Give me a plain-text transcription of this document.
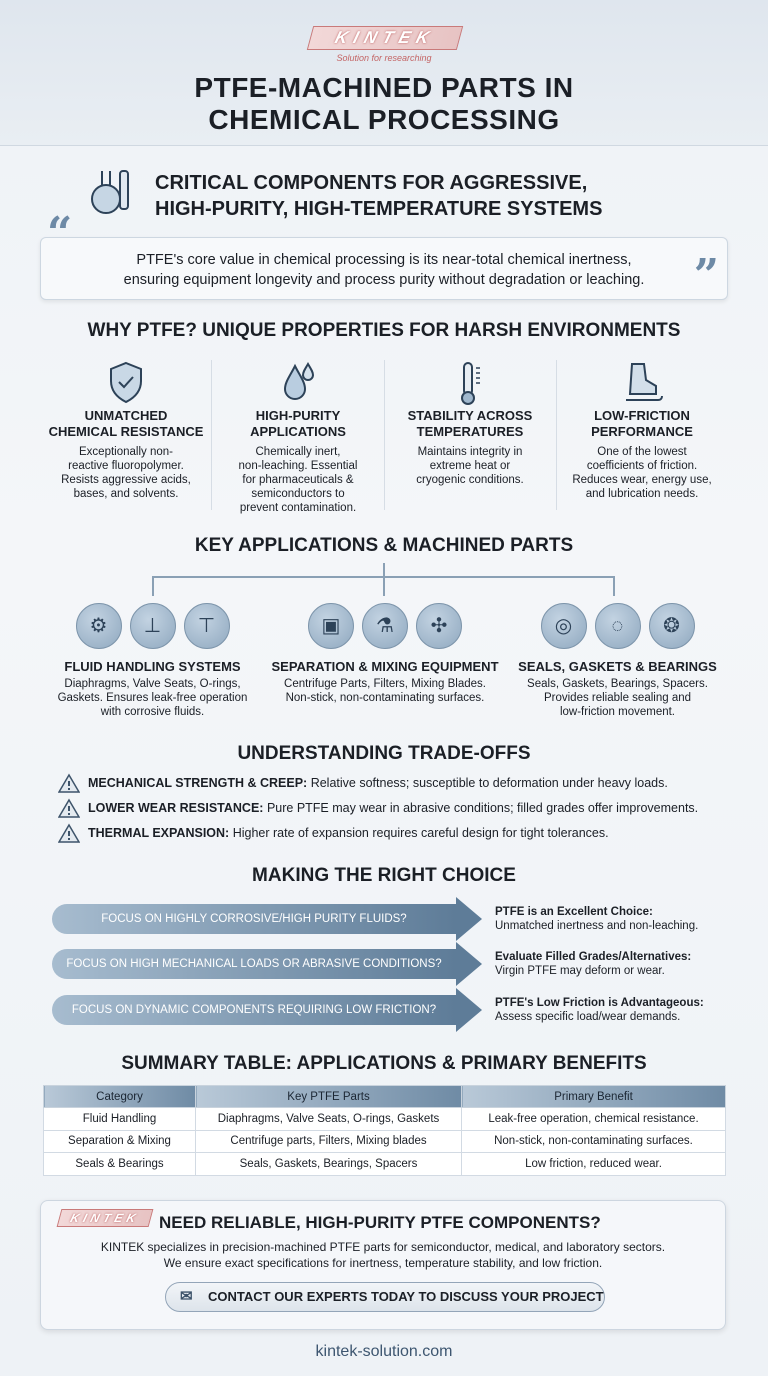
KINTEK
Solution for researching
PTFE-MACHINED PARTS IN
CHEMICAL PROCESSING
CRITICAL COMPONENTS FOR AGGRESSIVE,
HIGH-PURITY, HIGH-TEMPERATURE SYSTEMS
“
PTFE's core value in chemical processing is its near-total chemical inertness,
ensuring equipment longevity and process purity without degradation or leaching.	”
WHY PTFE? UNIQUE PROPERTIES FOR HARSH ENVIRONMENTS
UNMATCHED
CHEMICAL RESISTANCE
Exceptionally non-
reactive fluoropolymer.
Resists aggressive acids,
bases, and solvents.
HIGH-PURITY
APPLICATIONS
Chemically inert,
non-leaching. Essential
for pharmaceuticals &
semiconductors to
prevent contamination.
STABILITY ACROSS
TEMPERATURES
Maintains integrity in
extreme heat or
cryogenic conditions.
LOW-FRICTION
PERFORMANCE
One of the lowest
coefficients of friction.
Reduces wear, energy use,
and lubrication needs.
KEY APPLICATIONS & MACHINED PARTS
⚙ ⊥ ⊤
FLUID HANDLING SYSTEMS
Diaphragms, Valve Seats, O-rings,
Gaskets. Ensures leak-free operation
with corrosive fluids.
▣ ⚗ ✣
SEPARATION & MIXING EQUIPMENT
Centrifuge Parts, Filters, Mixing Blades.
Non-stick, non-contaminating surfaces.
◎ ◌ ❂
SEALS, GASKETS & BEARINGS
Seals, Gaskets, Bearings, Spacers.
Provides reliable sealing and
low-friction movement.
UNDERSTANDING TRADE-OFFS
MECHANICAL STRENGTH & CREEP: Relative softness; susceptible to deformation under heavy loads.
LOWER WEAR RESISTANCE: Pure PTFE may wear in abrasive conditions; filled grades offer improvements.
THERMAL EXPANSION: Higher rate of expansion requires careful design for tight tolerances.
MAKING THE RIGHT CHOICE
FOCUS ON HIGHLY CORROSIVE/HIGH PURITY FLUIDS?
PTFE is an Excellent Choice:
Unmatched inertness and non-leaching.
FOCUS ON HIGH MECHANICAL LOADS OR ABRASIVE CONDITIONS?
Evaluate Filled Grades/Alternatives:
Virgin PTFE may deform or wear.
FOCUS ON DYNAMIC COMPONENTS REQUIRING LOW FRICTION?
PTFE's Low Friction is Advantageous:
Assess specific load/wear demands.
SUMMARY TABLE: APPLICATIONS & PRIMARY BENEFITS
Category	Key PTFE Parts	Primary Benefit
Fluid Handling	Diaphragms, Valve Seats, O-rings, Gaskets	Leak-free operation, chemical resistance.
Separation & Mixing	Centrifuge parts, Filters, Mixing blades	Non-stick, non-contaminating surfaces.
Seals & Bearings	Seals, Gaskets, Bearings, Spacers	Low friction, reduced wear.
KINTEK	NEED RELIABLE, HIGH-PURITY PTFE COMPONENTS?
KINTEK specializes in precision-machined PTFE parts for semiconductor, medical, and laboratory sectors.
We ensure exact specifications for inertness, temperature stability, and low friction.
✉ CONTACT OUR EXPERTS TODAY TO DISCUSS YOUR PROJECT
kintek-solution.com
